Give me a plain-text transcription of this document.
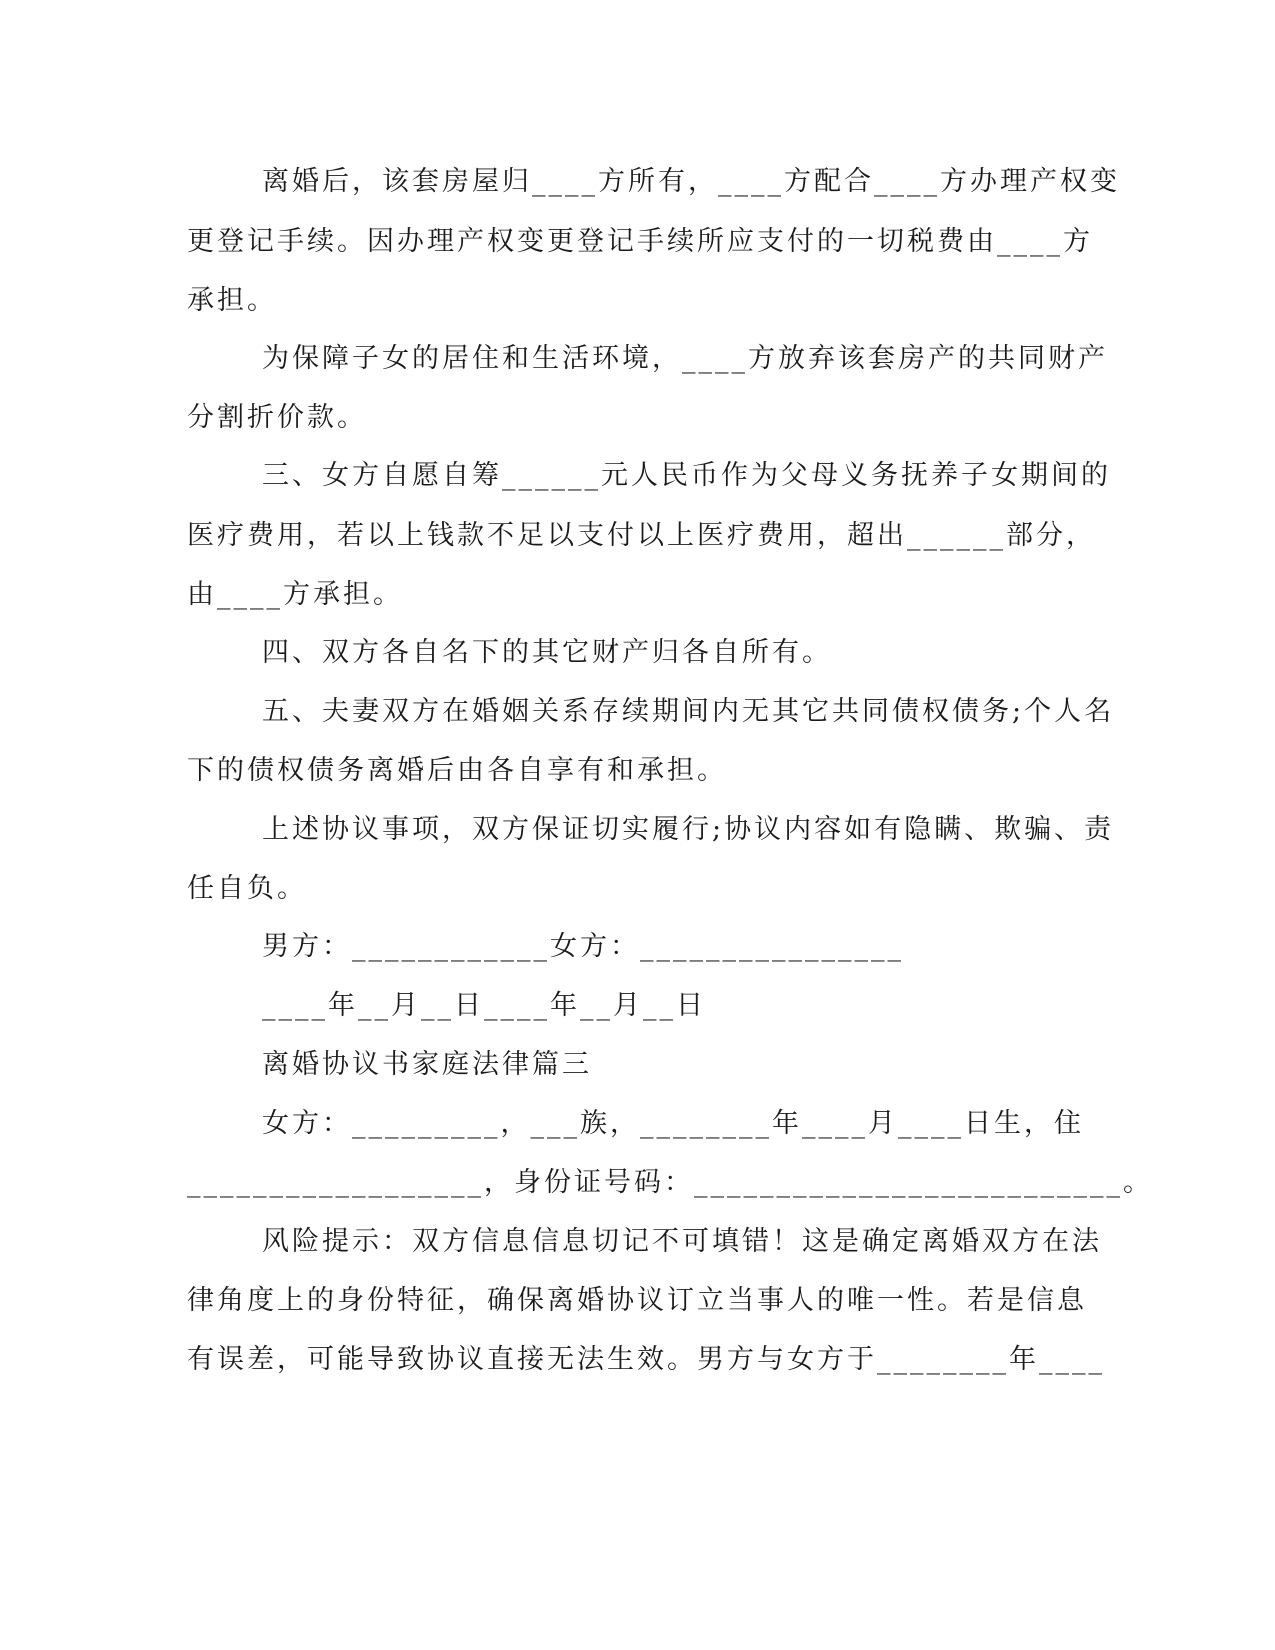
离婚后，该套房屋归____方所有，____方配合____方办理产权变
更登记手续。因办理产权变更登记手续所应支付的一切税费由____方
承担。
为保障子女的居住和生活环境，____方放弃该套房产的共同财产
分割折价款。
三、女方自愿自筹______元人民币作为父母义务抚养子女期间的
医疗费用，若以上钱款不足以支付以上医疗费用，超出______部分，
由____方承担。
四、双方各自名下的其它财产归各自所有。
五、夫妻双方在婚姻关系存续期间内无其它共同债权债务;个人名
下的债权债务离婚后由各自享有和承担。
上述协议事项，双方保证切实履行;协议内容如有隐瞒、欺骗、责
任自负。
男方：____________女方：________________
____年__月__日____年__月__日
离婚协议书家庭法律篇三
女方：_________，___族，________年____月____日生，住
__________________，身份证号码：__________________________。
风险提示：双方信息信息切记不可填错！这是确定离婚双方在法
律角度上的身份特征，确保离婚协议订立当事人的唯一性。若是信息
有误差，可能导致协议直接无法生效。男方与女方于________年____
